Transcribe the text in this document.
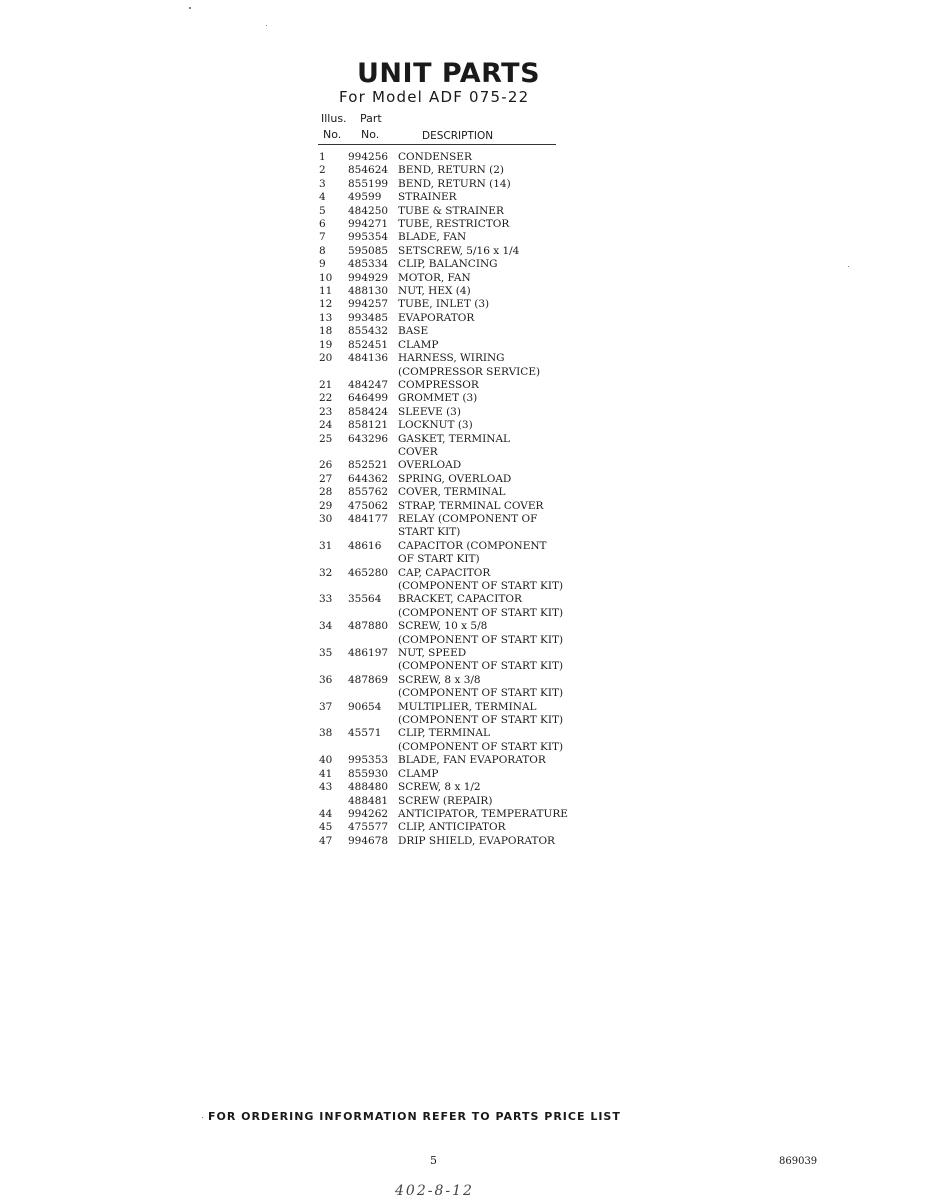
UNIT PARTS
For Model ADF 075-22
Illus. Part
No. No.	DESCRIPTION
1	994256 CONDENSER
2	854624 BEND, RETURN (2)
3	855199 BEND, RETURN (14)
4	49599	STRAINER
5	484250 TUBE & STRAINER
6	994271 TUBE, RESTRICTOR
7	995354 BLADE, FAN
8	595085 SETSCREW, 5/16 x 1/4
9	485334 CLIP, BALANCING
10	994929 MOTOR, FAN
11	488130 NUT, HEX (4)
12	994257 TUBE, INLET (3)
13	993485 EVAPORATOR
18	855432 BASE
19	852451 CLAMP
20	484136 HARNESS, WIRING
(COMPRESSOR SERVICE)
21	484247 COMPRESSOR
22	646499 GROMMET (3)
23	858424 SLEEVE (3)
24	858121 LOCKNUT (3)
25	643296 GASKET, TERMINAL
COVER
26	852521 OVERLOAD
27	644362 SPRING, OVERLOAD
28	855762 COVER, TERMINAL
29	475062 STRAP, TERMINAL COVER
30	484177 RELAY (COMPONENT OF
START KIT)
31	48616	CAPACITOR (COMPONENT
OF START KIT)
32	465280 CAP, CAPACITOR
(COMPONENT OF START KIT)
33	35564	BRACKET, CAPACITOR
(COMPONENT OF START KIT)
34	487880 SCREW, 10 x 5/8
(COMPONENT OF START KIT)
35	486197 NUT, SPEED
(COMPONENT OF START KIT)
36	487869 SCREW, 8 x 3/8
(COMPONENT OF START KIT)
37	90654	MULTIPLIER, TERMINAL
(COMPONENT OF START KIT)
38	45571	CLIP, TERMINAL
(COMPONENT OF START KIT)
40	995353 BLADE, FAN EVAPORATOR
41	855930 CLAMP
43	488480 SCREW, 8 x 1/2
488481 SCREW (REPAIR)
44	994262 ANTICIPATOR, TEMPERATURE
45	475577 CLIP, ANTICIPATOR
47	994678 DRIP SHIELD, EVAPORATOR
FOR ORDERING INFORMATION REFER TO PARTS PRICE LIST
5	869039
402-8-12
